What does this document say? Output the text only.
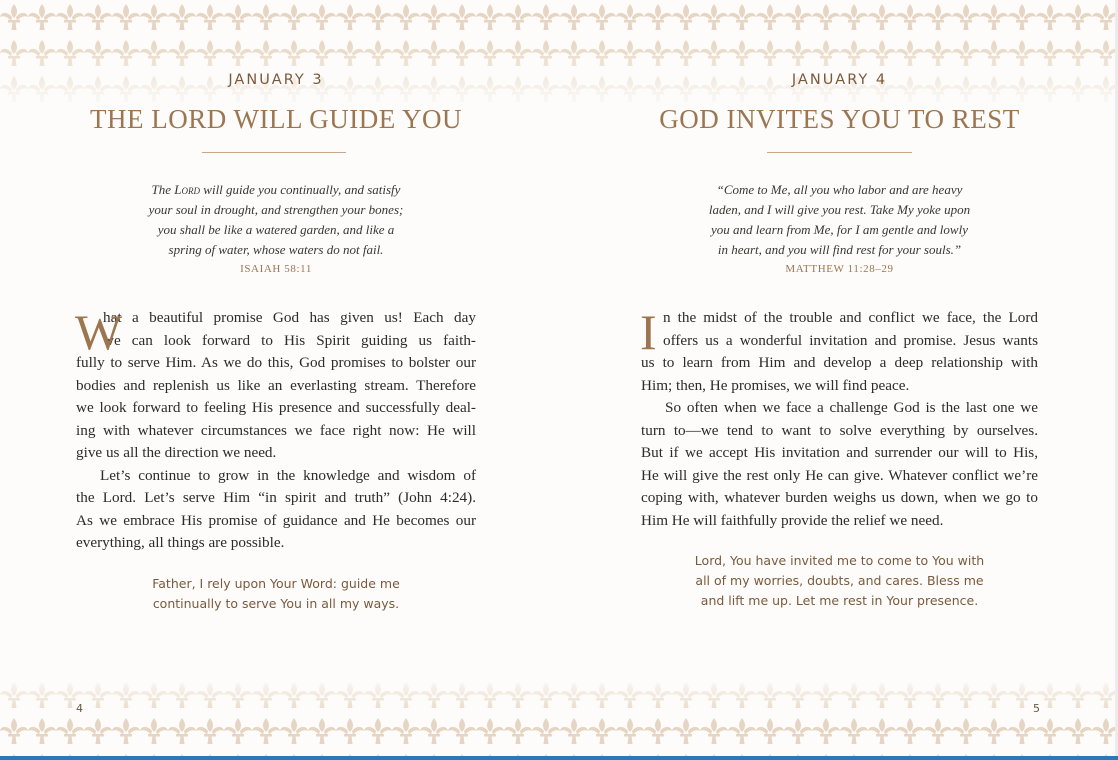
JANUARY 3
THE LORD WILL GUIDE YOU
The Lord will guide you continually, and satisfy
your soul in drought, and strengthen your bones;
you shall be like a watered garden, and like a
spring of water, whose waters do not fail.
ISAIAH 58:11
W
hat a beautiful promise God has given us! Each day
we can look forward to His Spirit guiding us faith-
fully to serve Him. As we do this, God promises to bolster our
bodies and replenish us like an everlasting stream. Therefore
we look forward to feeling His presence and successfully deal-
ing with whatever circumstances we face right now: He will
give us all the direction we need.
Let’s continue to grow in the knowledge and wisdom of
the Lord. Let’s serve Him “in spirit and truth” (John 4:24).
As we embrace His promise of guidance and He becomes our
everything, all things are possible.
Father, I rely upon Your Word: guide me
continually to serve You in all my ways.
4
JANUARY 4
GOD INVITES YOU TO REST
“Come to Me, all you who labor and are heavy
laden, and I will give you rest. Take My yoke upon
you and learn from Me, for I am gentle and lowly
in heart, and you will find rest for your souls.”
MATTHEW 11:28–29
I n the midst of the trouble and conflict we face, the Lord
offers us a wonderful invitation and promise. Jesus wants
us to learn from Him and develop a deep relationship with
Him; then, He promises, we will find peace.
So often when we face a challenge God is the last one we
turn to—we tend to want to solve everything by ourselves.
But if we accept His invitation and surrender our will to His,
He will give the rest only He can give. Whatever conflict we’re
coping with, whatever burden weighs us down, when we go to
Him He will faithfully provide the relief we need.
Lord, You have invited me to come to You with
all of my worries, doubts, and cares. Bless me
and lift me up. Let me rest in Your presence.
5
